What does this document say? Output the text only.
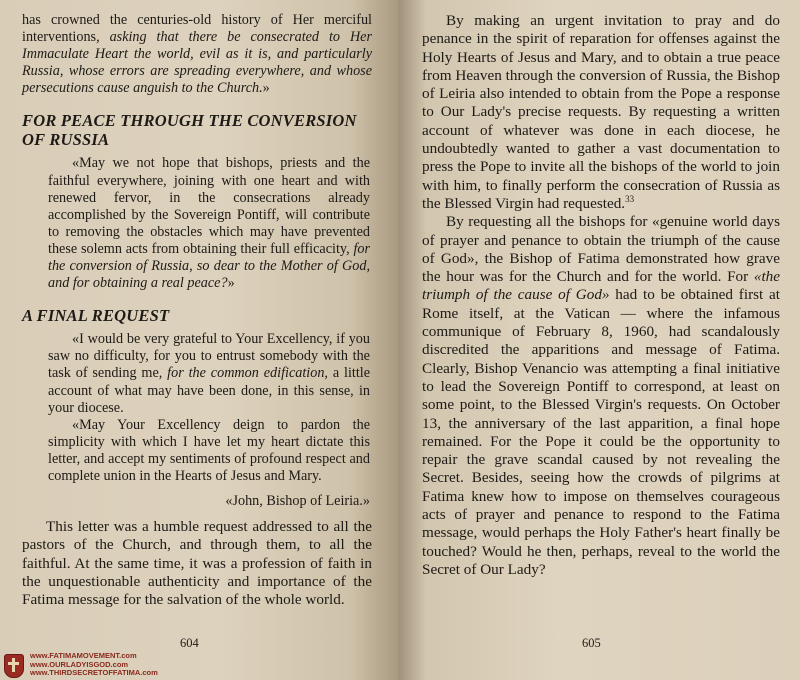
has crowned the centuries-old history of Her merciful interventions, asking that there be consecrated to Her Immaculate Heart the world, evil as it is, and particularly Russia, whose errors are spreading everywhere, and whose persecutions cause anguish to the Church.»

FOR PEACE THROUGH THE CONVERSION OF RUSSIA

«May we not hope that bishops, priests and the faithful everywhere, joining with one heart and with renewed fervor, in the consecrations already accomplished by the Sovereign Pontiff, will contribute to removing the obstacles which may have prevented these solemn acts from obtaining their full efficacity, for the conversion of Russia, so dear to the Mother of God, and for obtaining a real peace?»

A FINAL REQUEST

«I would be very grateful to Your Excellency, if you saw no difficulty, for you to entrust somebody with the task of sending me, for the common edification, a little account of what may have been done, in this sense, in your diocese.

«May Your Excellency deign to pardon the simplicity with which I have let my heart dictate this letter, and accept my sentiments of profound respect and complete union in the Hearts of Jesus and Mary.

«John, Bishop of Leiria.»

This letter was a humble request addressed to all the pastors of the Church, and through them, to all the faithful. At the same time, it was a profession of faith in the unquestionable authenticity and importance of the Fatima message for the salvation of the whole world.

604
www.FATIMAMOVEMENT.com
www.OURLADYISGOD.com
www.THIRDSECRETOFFATIMA.com

By making an urgent invitation to pray and do penance in the spirit of reparation for offenses against the Holy Hearts of Jesus and Mary, and to obtain a true peace from Heaven through the conversion of Russia, the Bishop of Leiria also intended to obtain from the Pope a response to Our Lady's precise requests. By requesting a written account of whatever was done in each diocese, he undoubtedly wanted to gather a vast documentation to press the Pope to invite all the bishops of the world to join with him, to finally perform the consecration of Russia as the Blessed Virgin had requested.$^{33}$

By requesting all the bishops for «genuine world days of prayer and penance to obtain the triumph of the cause of God», the Bishop of Fatima demonstrated how grave the hour was for the Church and for the world. For «the triumph of the cause of God» had to be obtained first at Rome itself, at the Vatican — where the infamous communique of February 8, 1960, had scandalously discredited the apparitions and message of Fatima. Clearly, Bishop Venancio was attempting a final initiative to lead the Sovereign Pontiff to correspond, at least on some point, to the Blessed Virgin's requests. On October 13, the anniversary of the last apparition, a final hope remained. For the Pope it could be the opportunity to repair the grave scandal caused by not revealing the Secret. Besides, seeing how the crowds of pilgrims at Fatima knew how to impose on themselves courageous acts of prayer and penance to respond to the Fatima message, would perhaps the Holy Father's heart finally be touched? Would he then, perhaps, reveal to the world the Secret of Our Lady?

605
